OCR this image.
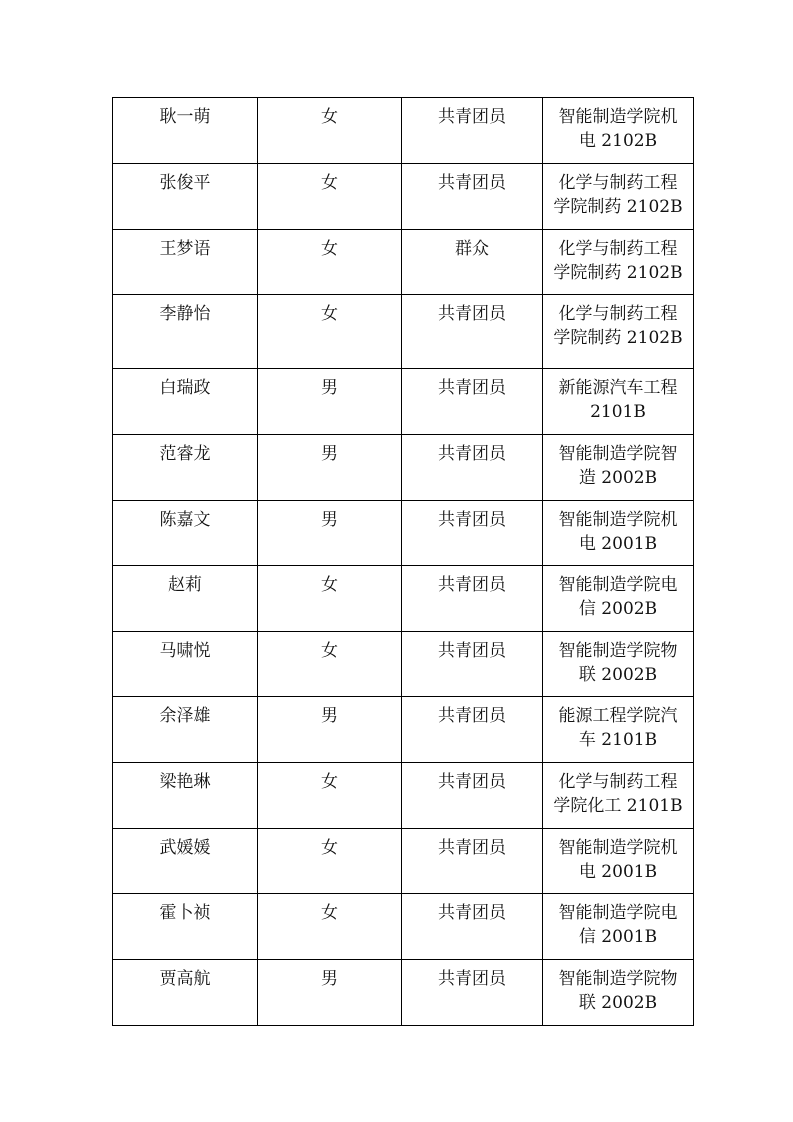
耿一萌	女	共青团员	智能制造学院机
电 2102B
张俊平	女	共青团员	化学与制药工程
学院制药 2102B
王梦语	女	群众	化学与制药工程
学院制药 2102B
李静怡	女	共青团员	化学与制药工程
学院制药 2102B
白瑞政	男	共青团员	新能源汽车工程
2101B
范睿龙	男	共青团员	智能制造学院智
造 2002B
陈嘉文	男	共青团员	智能制造学院机
电 2001B
赵莉	女	共青团员	智能制造学院电
信 2002B
马啸悦	女	共青团员	智能制造学院物
联 2002B
余泽雄	男	共青团员	能源工程学院汽
车 2101B
梁艳琳	女	共青团员	化学与制药工程
学院化工 2101B
武媛媛	女	共青团员	智能制造学院机
电 2001B
霍卜祯	女	共青团员	智能制造学院电
信 2001B
贾高航	男	共青团员	智能制造学院物
联 2002B
